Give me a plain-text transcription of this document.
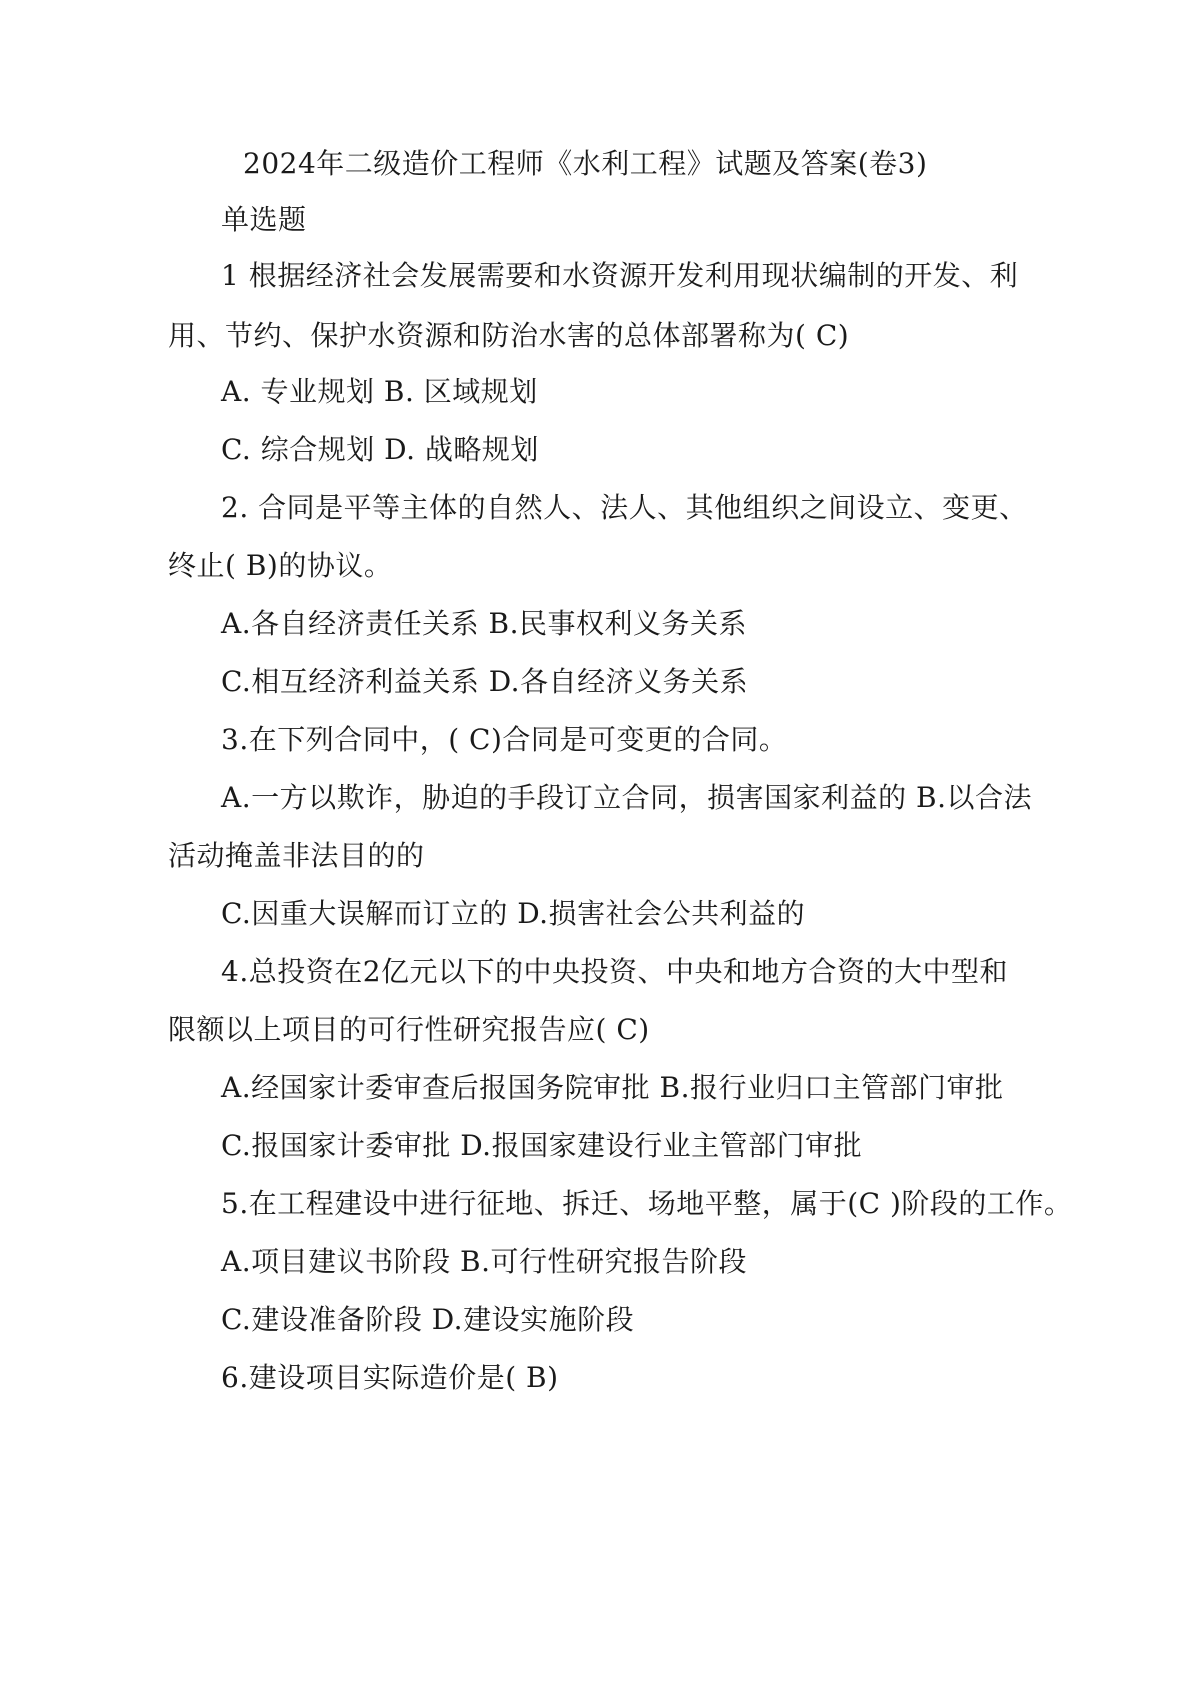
2024年二级造价工程师《水利工程》试题及答案(卷3)
单选题
1 根据经济社会发展需要和水资源开发利用现状编制的开发、利
用、节约、保护水资源和防治水害的总体部署称为( C)
A. 专业规划 B. 区域规划
C. 综合规划 D. 战略规划
2. 合同是平等主体的自然人、法人、其他组织之间设立、变更、
终止( B)的协议。
A.各自经济责任关系 B.民事权利义务关系
C.相互经济利益关系 D.各自经济义务关系
3.在下列合同中，( C)合同是可变更的合同。
A.一方以欺诈，胁迫的手段订立合同，损害国家利益的 B.以合法
活动掩盖非法目的的
C.因重大误解而订立的 D.损害社会公共利益的
4.总投资在2亿元以下的中央投资、中央和地方合资的大中型和
限额以上项目的可行性研究报告应( C)
A.经国家计委审查后报国务院审批 B.报行业归口主管部门审批
C.报国家计委审批 D.报国家建设行业主管部门审批
5.在工程建设中进行征地、拆迁、场地平整，属于(C )阶段的工作。
A.项目建议书阶段 B.可行性研究报告阶段
C.建设准备阶段 D.建设实施阶段
6.建设项目实际造价是( B)
